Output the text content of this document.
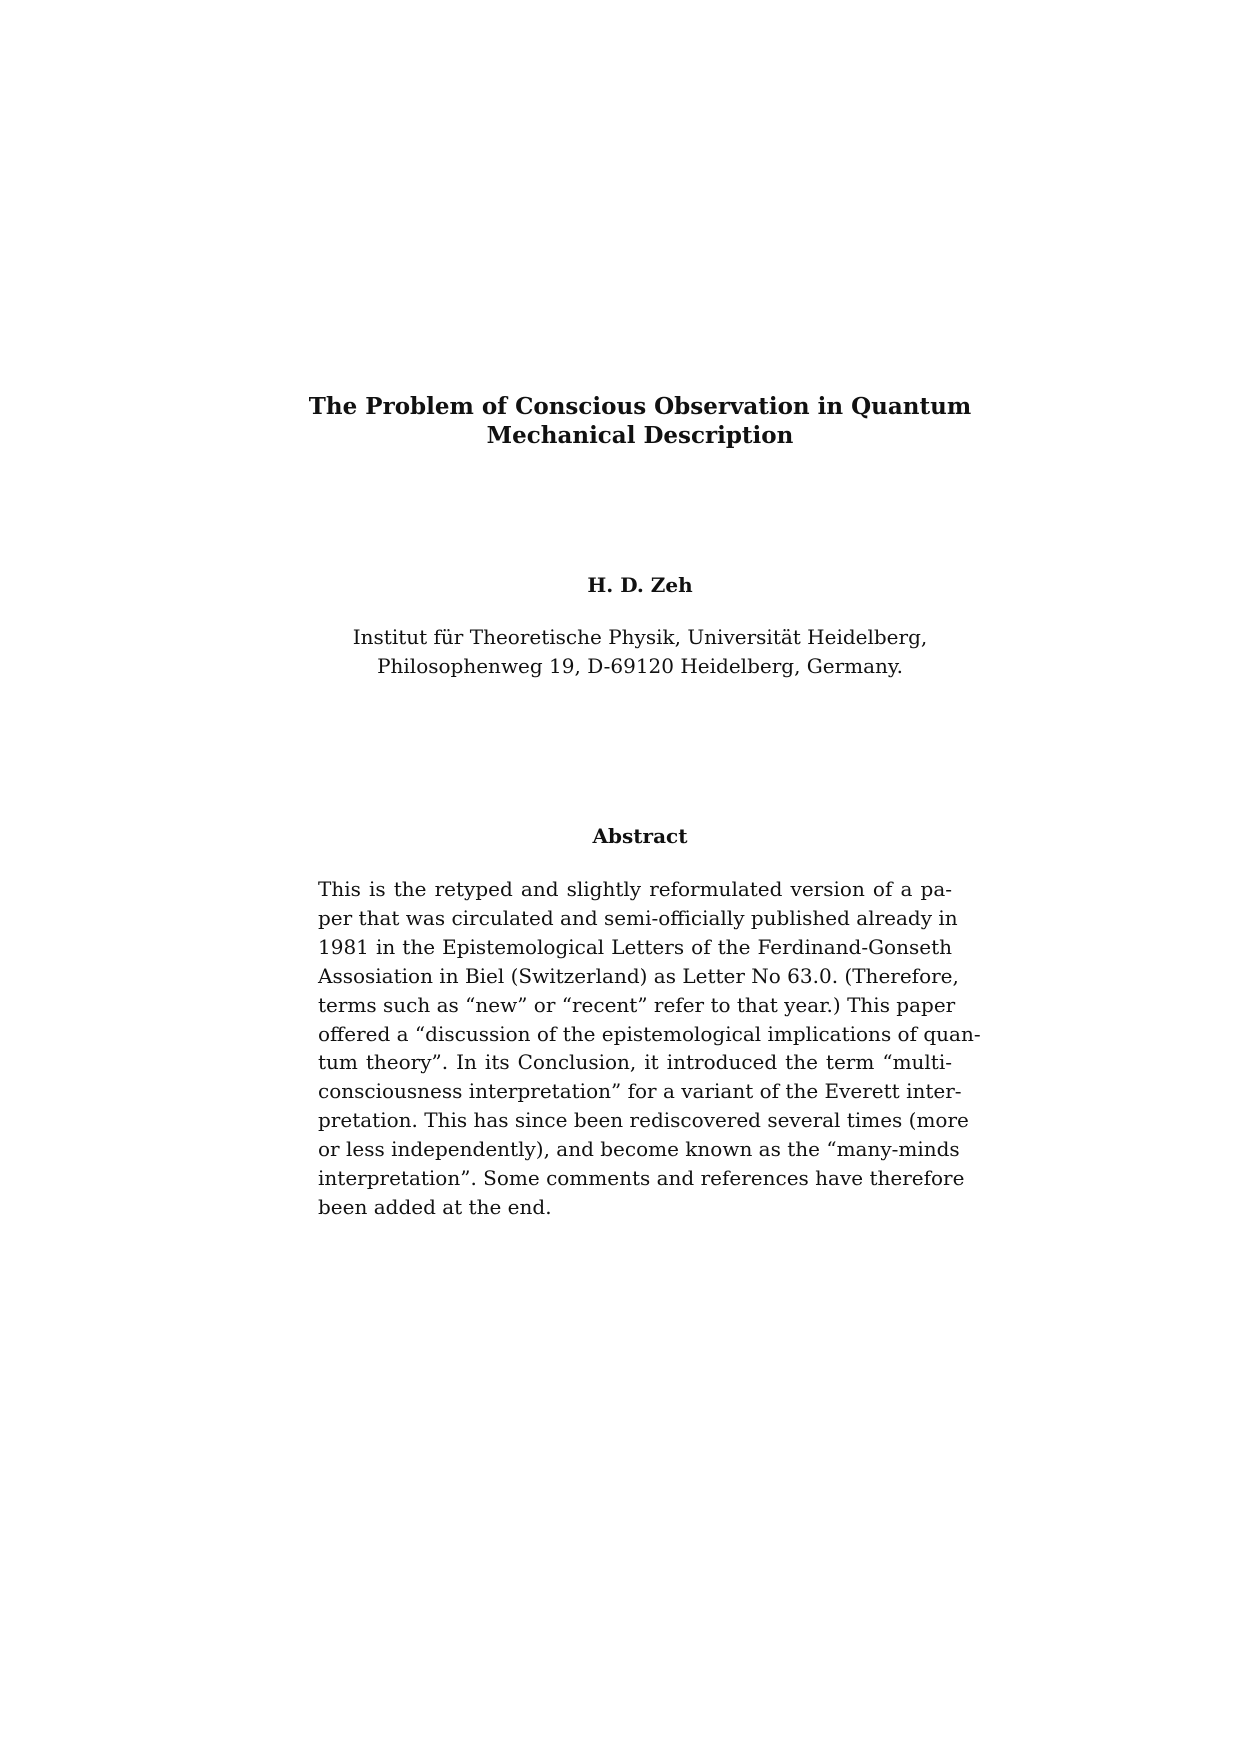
The Problem of Conscious Observation in Quantum
Mechanical Description
H. D. Zeh
Institut für Theoretische Physik, Universität Heidelberg,
Philosophenweg 19, D-69120 Heidelberg, Germany.
Abstract
This is the retyped and slightly reformulated version of a pa-
per that was circulated and semi-officially published already in
1981 in the Epistemological Letters of the Ferdinand-Gonseth
Assosiation in Biel (Switzerland) as Letter No 63.0. (Therefore,
terms such as “new” or “recent” refer to that year.) This paper
offered a “discussion of the epistemological implications of quan-
tum theory”. In its Conclusion, it introduced the term “multi-
consciousness interpretation” for a variant of the Everett inter-
pretation. This has since been rediscovered several times (more
or less independently), and become known as the “many-minds
interpretation”. Some comments and references have therefore
been added at the end.
